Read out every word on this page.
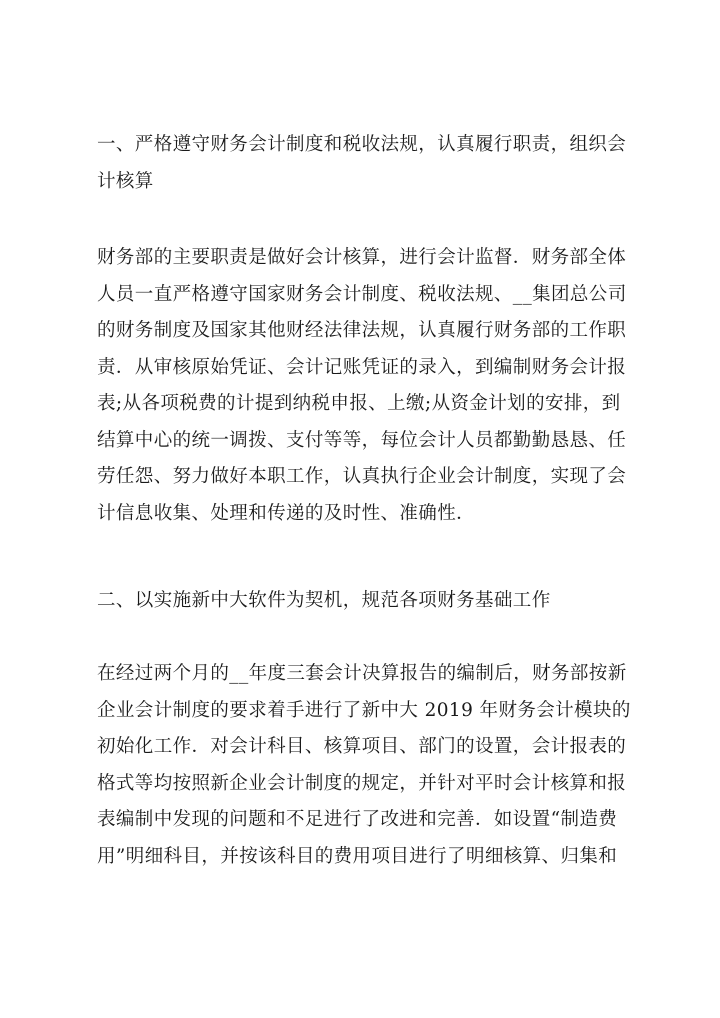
一、严格遵守财务会计制度和税收法规，认真履行职责，组织会
计核算
财务部的主要职责是做好会计核算，进行会计监督．财务部全体
人员一直严格遵守国家财务会计制度、税收法规、__集团总公司
的财务制度及国家其他财经法律法规，认真履行财务部的工作职
责．从审核原始凭证、会计记账凭证的录入，到编制财务会计报
表;从各项税费的计提到纳税申报、上缴;从资金计划的安排，到
结算中心的统一调拨、支付等等，每位会计人员都勤勤恳恳、任
劳任怨、努力做好本职工作，认真执行企业会计制度，实现了会
计信息收集、处理和传递的及时性、准确性．
二、以实施新中大软件为契机，规范各项财务基础工作
在经过两个月的__年度三套会计决算报告的编制后，财务部按新
企业会计制度的要求着手进行了新中大 2019 年财务会计模块的
初始化工作．对会计科目、核算项目、部门的设置，会计报表的
格式等均按照新企业会计制度的规定，并针对平时会计核算和报
表编制中发现的问题和不足进行了改进和完善．如设置“制造费
用”明细科目，并按该科目的费用项目进行了明细核算、归集和
